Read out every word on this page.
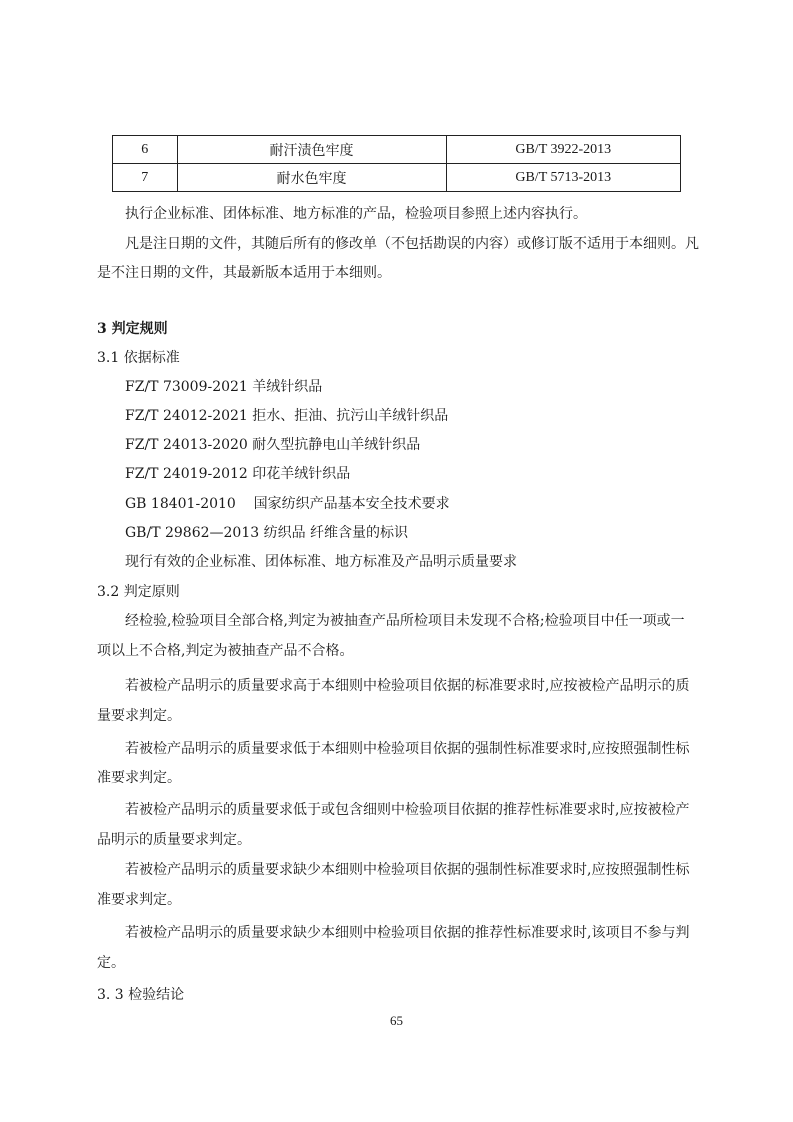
6	耐汗渍色牢度	GB/T 3922-2013
7	耐水色牢度	GB/T 5713-2013

执行企业标准、团体标准、地方标准的产品，检验项目参照上述内容执行。

凡是注日期的文件，其随后所有的修改单（不包括勘误的内容）或修订版不适用于本细则。凡

是不注日期的文件，其最新版本适用于本细则。

3 判定规则

3.1 依据标准

FZ/T 73009-2021 羊绒针织品

FZ/T 24012-2021 拒水、拒油、抗污山羊绒针织品

FZ/T 24013-2020 耐久型抗静电山羊绒针织品

FZ/T 24019-2012 印花羊绒针织品

GB 18401-2010    国家纺织产品基本安全技术要求

GB/T 29862—2013 纺织品 纤维含量的标识

现行有效的企业标准、团体标准、地方标准及产品明示质量要求

3.2 判定原则

经检验,检验项目全部合格,判定为被抽查产品所检项目未发现不合格;检验项目中任一项或一

项以上不合格,判定为被抽查产品不合格。

若被检产品明示的质量要求高于本细则中检验项目依据的标准要求时,应按被检产品明示的质

量要求判定。

若被检产品明示的质量要求低于本细则中检验项目依据的强制性标准要求时,应按照强制性标

准要求判定。

若被检产品明示的质量要求低于或包含细则中检验项目依据的推荐性标准要求时,应按被检产

品明示的质量要求判定。

若被检产品明示的质量要求缺少本细则中检验项目依据的强制性标准要求时,应按照强制性标

准要求判定。

若被检产品明示的质量要求缺少本细则中检验项目依据的推荐性标准要求时,该项目不参与判

定。

3. 3 检验结论

65
